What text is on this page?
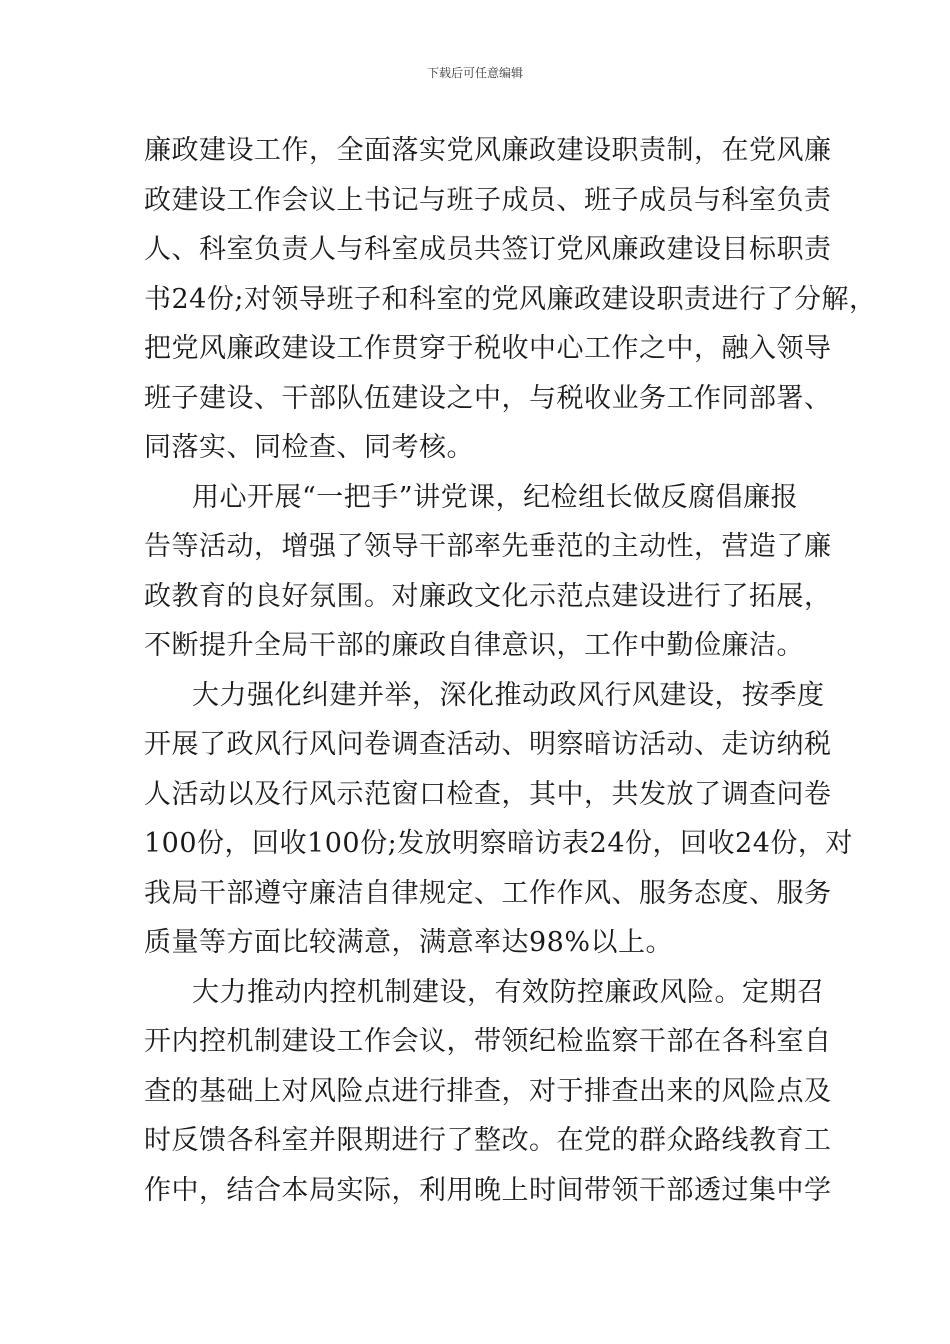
下载后可任意编辑
廉政建设工作，全面落实党风廉政建设职责制，在党风廉
政建设工作会议上书记与班子成员、班子成员与科室负责
人、科室负责人与科室成员共签订党风廉政建设目标职责
书24份;对领导班子和科室的党风廉政建设职责进行了分解，
把党风廉政建设工作贯穿于税收中心工作之中，融入领导
班子建设、干部队伍建设之中，与税收业务工作同部署、
同落实、同检查、同考核。
用心开展“一把手”讲党课，纪检组长做反腐倡廉报
告等活动，增强了领导干部率先垂范的主动性，营造了廉
政教育的良好氛围。对廉政文化示范点建设进行了拓展，
不断提升全局干部的廉政自律意识，工作中勤俭廉洁。
大力强化纠建并举，深化推动政风行风建设，按季度
开展了政风行风问卷调查活动、明察暗访活动、走访纳税
人活动以及行风示范窗口检查，其中，共发放了调查问卷
100份，回收100份;发放明察暗访表24份，回收24份，对
我局干部遵守廉洁自律规定、工作作风、服务态度、服务
质量等方面比较满意，满意率达98%以上。
大力推动内控机制建设，有效防控廉政风险。定期召
开内控机制建设工作会议，带领纪检监察干部在各科室自
查的基础上对风险点进行排查，对于排查出来的风险点及
时反馈各科室并限期进行了整改。在党的群众路线教育工
作中，结合本局实际，利用晚上时间带领干部透过集中学
